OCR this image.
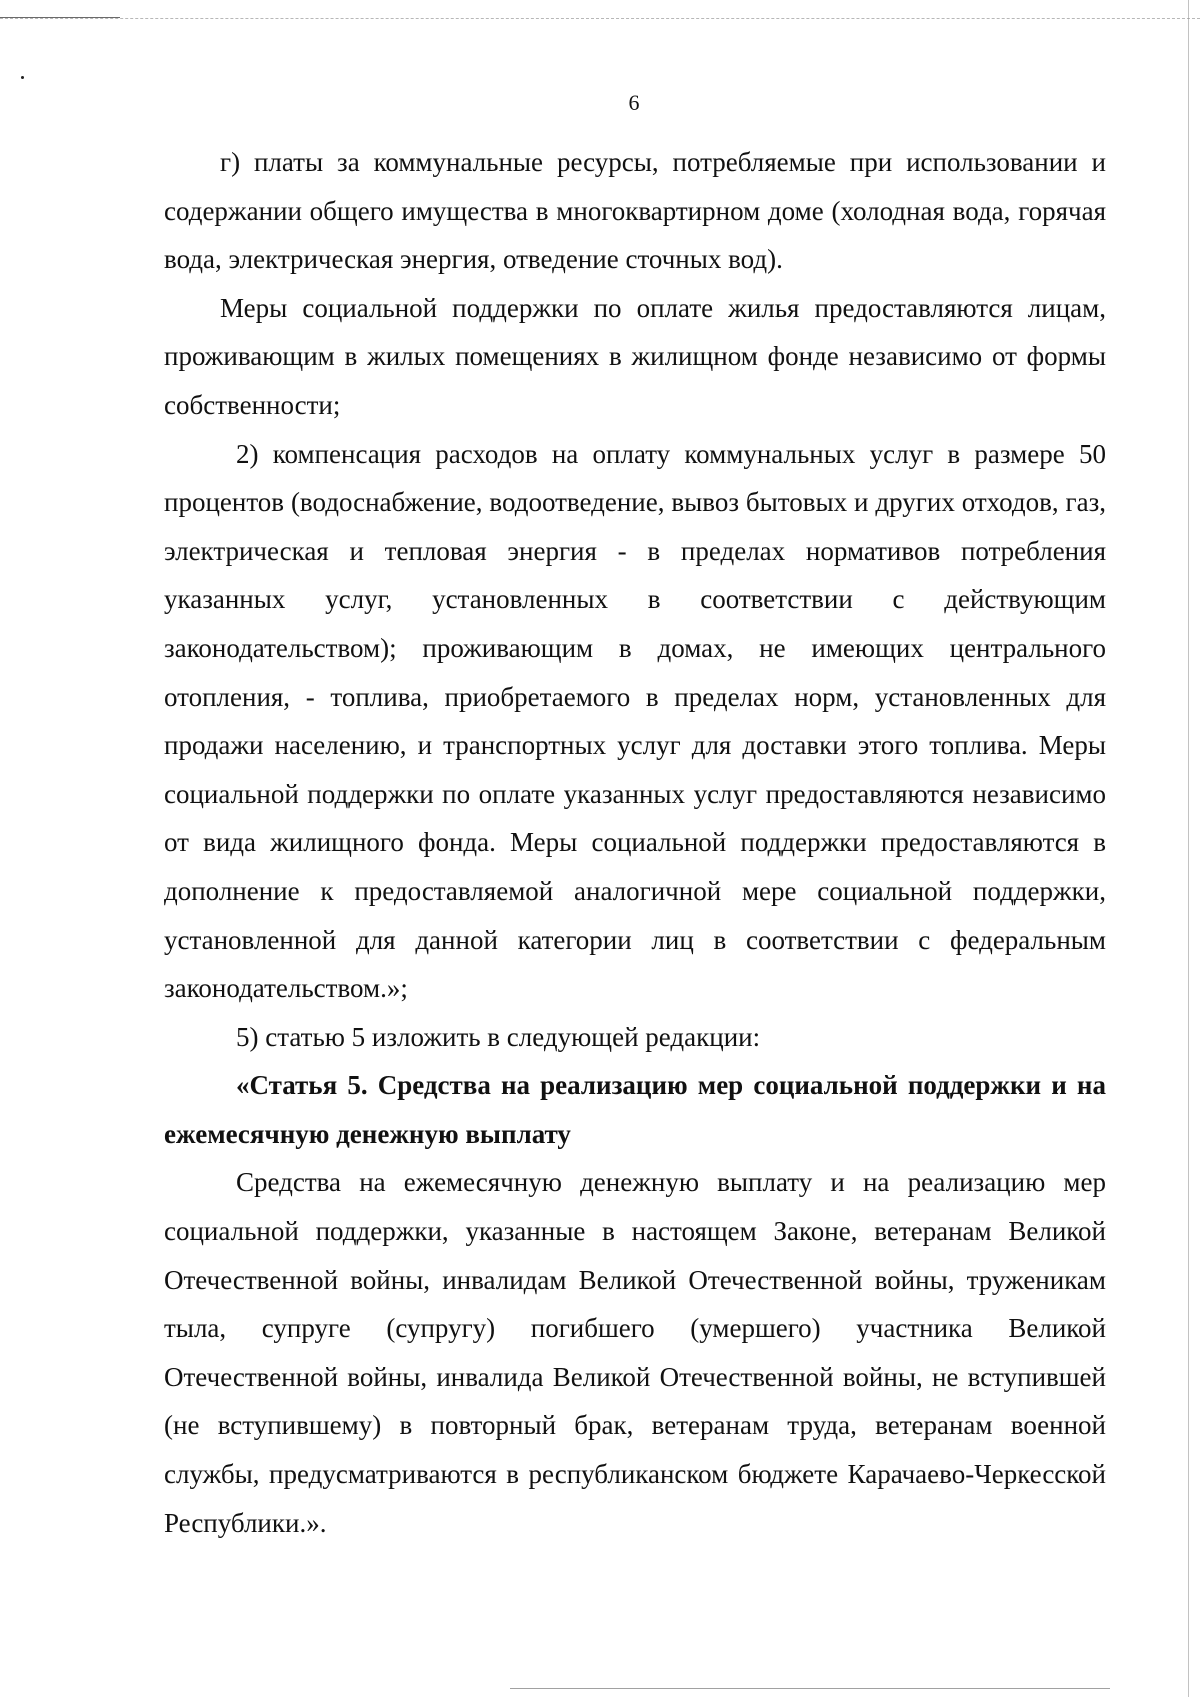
6

г) платы за коммунальные ресурсы, потребляемые при использовании и содержании общего имущества в многоквартирном доме (холодная вода, горячая вода, электрическая энергия, отведение сточных вод).

Меры социальной поддержки по оплате жилья предоставляются лицам, проживающим в жилых помещениях в жилищном фонде независимо от формы собственности;

2) компенсация расходов на оплату коммунальных услуг в размере 50 процентов (водоснабжение, водоотведение, вывоз бытовых и других отходов, газ, электрическая и тепловая энергия - в пределах нормативов потребления указанных услуг, установленных в соответствии с действующим законодательством); проживающим в домах, не имеющих центрального отопления, - топлива, приобретаемого в пределах норм, установленных для продажи населению, и транспортных услуг для доставки этого топлива. Меры социальной поддержки по оплате указанных услуг предоставляются независимо от вида жилищного фонда. Меры социальной поддержки предоставляются в дополнение к предоставляемой аналогичной мере социальной поддержки, установленной для данной категории лиц в соответствии с федеральным законодательством.»;

5) статью 5 изложить в следующей редакции:

«Статья 5. Средства на реализацию мер социальной поддержки и на ежемесячную денежную выплату

Средства на ежемесячную денежную выплату и на реализацию мер социальной поддержки, указанные в настоящем Законе, ветеранам Великой Отечественной войны, инвалидам Великой Отечественной войны, труженикам тыла, супруге (супругу) погибшего (умершего) участника Великой Отечественной войны, инвалида Великой Отечественной войны, не вступившей (не вступившему) в повторный брак, ветеранам труда, ветеранам военной службы, предусматриваются в республиканском бюджете Карачаево-Черкесской Республики.».
